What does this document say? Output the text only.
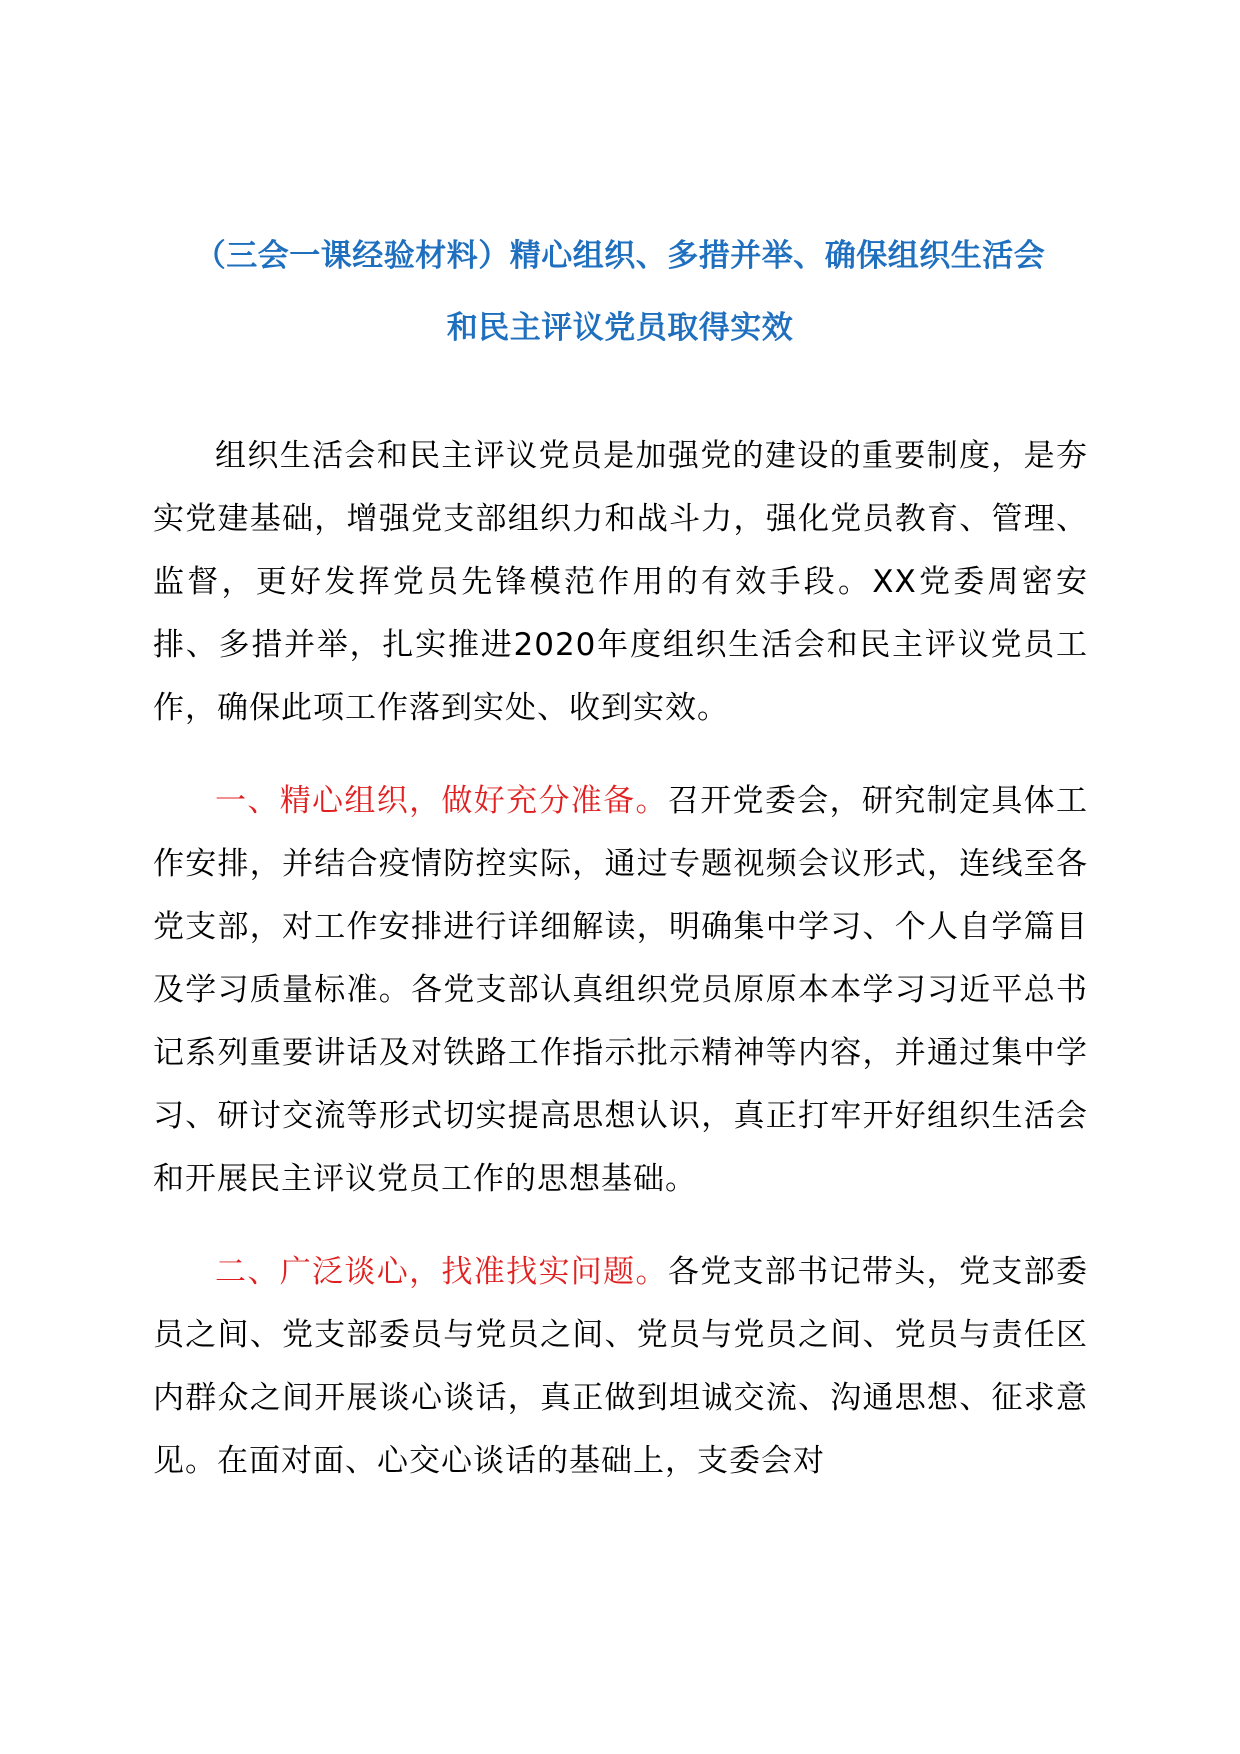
（三会一课经验材料）精心组织、多措并举、确保组织生活会
和民主评议党员取得实效

组织生活会和民主评议党员是加强党的建设的重要制度，是夯实党建基础，增强党支部组织力和战斗力，强化党员教育、管理、监督，更好发挥党员先锋模范作用的有效手段。XX党委周密安排、多措并举，扎实推进2020年度组织生活会和民主评议党员工作，确保此项工作落到实处、收到实效。

一、精心组织，做好充分准备。召开党委会，研究制定具体工作安排，并结合疫情防控实际，通过专题视频会议形式，连线至各党支部，对工作安排进行详细解读，明确集中学习、个人自学篇目及学习质量标准。各党支部认真组织党员原原本本学习习近平总书记系列重要讲话及对铁路工作指示批示精神等内容，并通过集中学习、研讨交流等形式切实提高思想认识，真正打牢开好组织生活会和开展民主评议党员工作的思想基础。

二、广泛谈心，找准找实问题。各党支部书记带头，党支部委员之间、党支部委员与党员之间、党员与党员之间、党员与责任区内群众之间开展谈心谈话，真正做到坦诚交流、沟通思想、征求意见。在面对面、心交心谈话的基础上，支委会对
